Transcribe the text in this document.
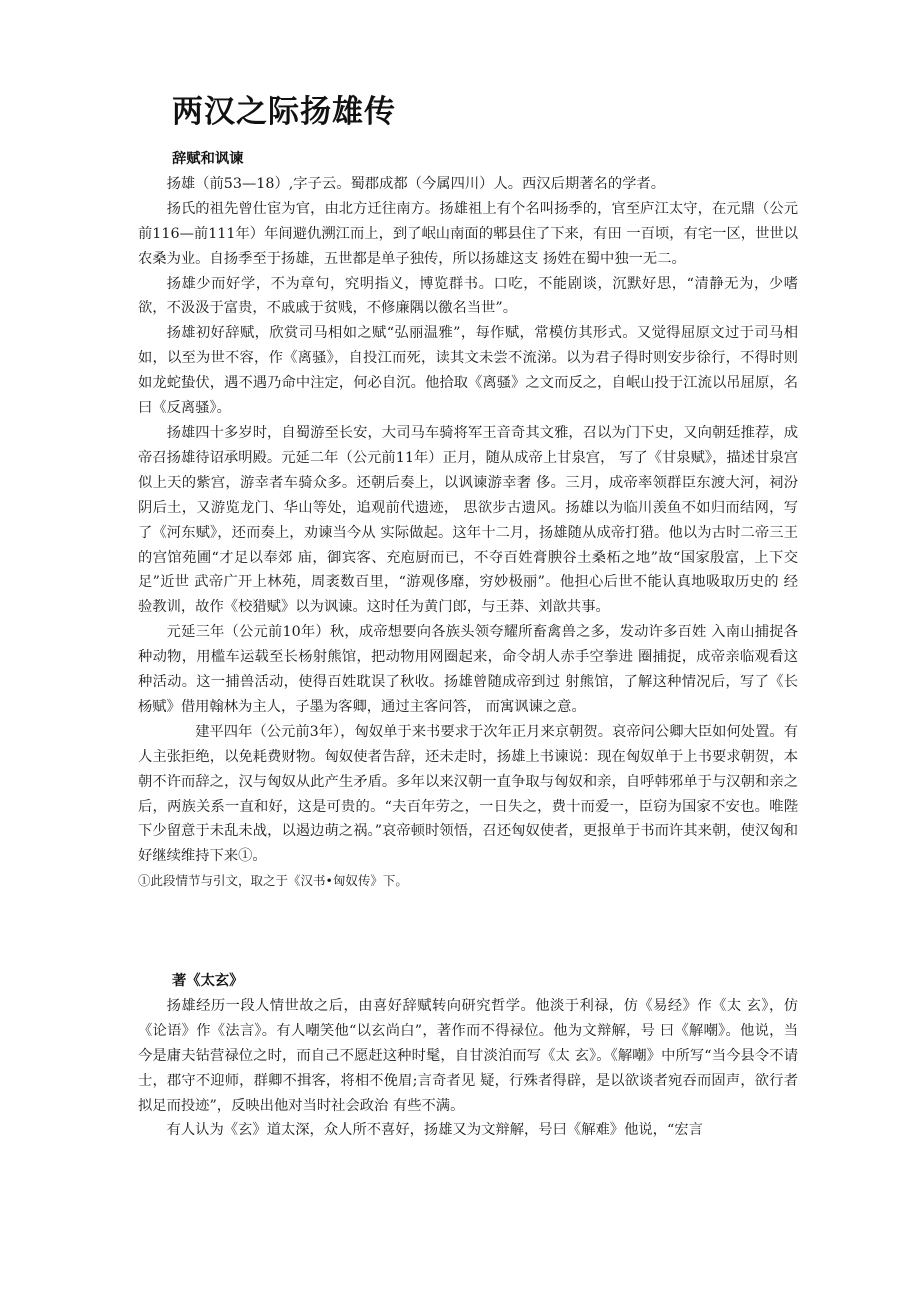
两汉之际扬雄传
辞赋和讽谏

扬雄（前53—18）,字子云。蜀郡成都（今属四川）人。西汉后期著名的学者。

扬氏的祖先曾仕宦为官，由北方迁往南方。扬雄祖上有个名叫扬季的，官至庐江太守，在元鼎（公元前116—前111年）年间避仇溯江而上，到了岷山南面的郫县住了下来，有田 一百顷，有宅一区，世世以农桑为业。自扬季至于扬雄，五世都是单子独传，所以扬雄这支 扬姓在蜀中独一无二。

扬雄少而好学，不为章句，究明指义，博览群书。口吃，不能剧谈，沉默好思，“清静无为，少嗜欲，不汲汲于富贵，不戚戚于贫贱，不修廉隅以徼名当世”。

扬雄初好辞赋，欣赏司马相如之赋“弘丽温雅”，每作赋，常模仿其形式。又觉得屈原文过于司马相如，以至为世不容，作《离骚》，自投江而死，读其文未尝不流涕。以为君子得时则安步徐行，不得时则如龙蛇蛰伏，遇不遇乃命中注定，何必自沉。他拾取《离骚》之文而反之，自岷山投于江流以吊屈原，名曰《反离骚》。

扬雄四十多岁时，自蜀游至长安，大司马车骑将军王音奇其文雅，召以为门下史，又向朝廷推荐，成帝召扬雄待诏承明殿。元延二年（公元前11年）正月，随从成帝上甘泉宫， 写了《甘泉赋》，描述甘泉宫似上天的紫宫，游幸者车骑众多。还朝后奏上，以讽谏游幸奢 侈。三月，成帝率领群臣东渡大河，祠汾阴后土，又游览龙门、华山等处，追观前代遗迹， 思欲步古遗风。扬雄以为临川羡鱼不如归而结网，写了《河东赋》，还而奏上，劝谏当今从 实际做起。这年十二月，扬雄随从成帝打猎。他以为古时二帝三王的宫馆苑圃“才足以奉郊 庙，御宾客、充庖厨而已，不夺百姓膏腴谷土桑柘之地”故“国家殷富，上下交足”近世 武帝广开上林苑，周袤数百里，“游观侈靡，穷妙极丽”。他担心后世不能认真地吸取历史的 经验教训，故作《校猎赋》以为讽谏。这时任为黄门郎，与王莽、刘歆共事。

元延三年（公元前10年）秋，成帝想要向各族头领夸耀所畜禽兽之多，发动许多百姓 入南山捕捉各种动物，用槛车运载至长杨射熊馆，把动物用网圈起来，命令胡人赤手空拳进 圈捕捉，成帝亲临观看这种活动。这一捕兽活动，使得百姓耽误了秋收。扬雄曾随成帝到过 射熊馆，了解这种情况后，写了《长杨赋》借用翰林为主人，子墨为客卿，通过主客问答， 而寓讽谏之意。

建平四年（公元前3年），匈奴单于来书要求于次年正月来京朝贺。哀帝问公卿大臣如何处置。有人主张拒绝，以免耗费财物。匈奴使者告辞，还未走时，扬雄上书谏说：现在匈奴单于上书要求朝贺，本朝不许而辞之，汉与匈奴从此产生矛盾。多年以来汉朝一直争取与匈奴和亲，自呼韩邪单于与汉朝和亲之后，两族关系一直和好，这是可贵的。“夫百年劳之，一日失之，费十而爱一，臣窃为国家不安也。唯陛下少留意于未乱未战，以遏边萌之祸。”哀帝顿时领悟，召还匈奴使者，更报单于书而许其来朝，使汉匈和好继续维持下来①。

①此段情节与引文，取之于《汉书•匈奴传》下。

著《太玄》

扬雄经历一段人情世故之后，由喜好辞赋转向研究哲学。他淡于利禄，仿《易经》作《太 玄》，仿《论语》作《法言》。有人嘲笑他“以玄尚白”，著作而不得禄位。他为文辩解，号 曰《解嘲》。他说，当今是庸夫钻营禄位之时，而自己不愿赶这种时髦，自甘淡泊而写《太 玄》。《解嘲》中所写“当今县令不请士，郡守不迎师，群卿不揖客，将相不俛眉;言奇者见 疑，行殊者得辟，是以欲谈者宛吞而固声，欲行者拟足而投迹”，反映出他对当时社会政治 有些不满。

有人认为《玄》道太深，众人所不喜好，扬雄又为文辩解，号曰《解难》他说，“宏言
